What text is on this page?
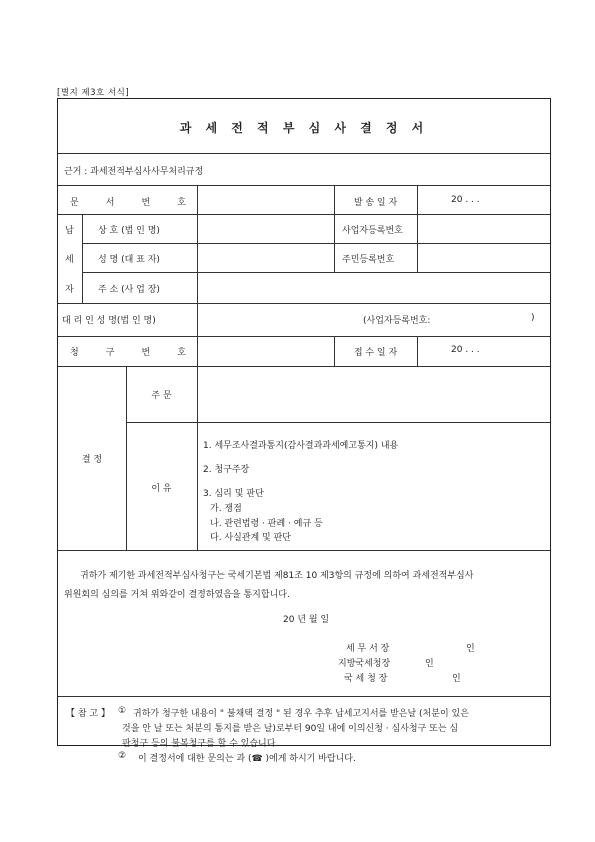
[별지 제3호 서식]
과 세 전 적 부 심 사 결 정 서
근거 : 과세전적부심사사무처리규정
문	서	번	호	발 송 일 자	20 . . .
납
세
자
상 호 (법 인 명)	사업자등록번호
성 명 (대 표 자)	주민등록번호
주 소 (사 업 장)
대 리 인 성 명(법 인 명)	(사업자등록번호:	)
청	구	번	호	접 수 일 자	20 . . .
결 정
주 문
이 유
1. 세무조사결과통지(감사결과과세예고통지) 내용
2. 청구주장
3. 심리 및 판단
가. 쟁점
나. 관련법령 · 판례 · 예규 등
다. 사실관계 및 판단
귀하가 제기한 과세전적부심사청구는 국세기본법 제81조 10 제3항의 규정에 의하여 과세전적부심사
위원회의 심의를 거쳐 위와같이 결정하였음을 통지합니다.
20 년 월 일
세 무 서 장	인
지방국세청장	인
국 세 청 장	인
【 참 고 】 ① 귀하가 청구한 내용이 " 불채택 결정 " 된 경우 추후 납세고지서를 받은날 (처분이 있은
것을 안 날 또는 처분의 통지를 받은 날)로부터 90일 내에 이의신청 · 심사청구 또는 심
판청구 등의 불복청구를 할 수 있습니다.
② 이 결정서에 대한 문의는 과 (☎ )에게 하시기 바랍니다.
